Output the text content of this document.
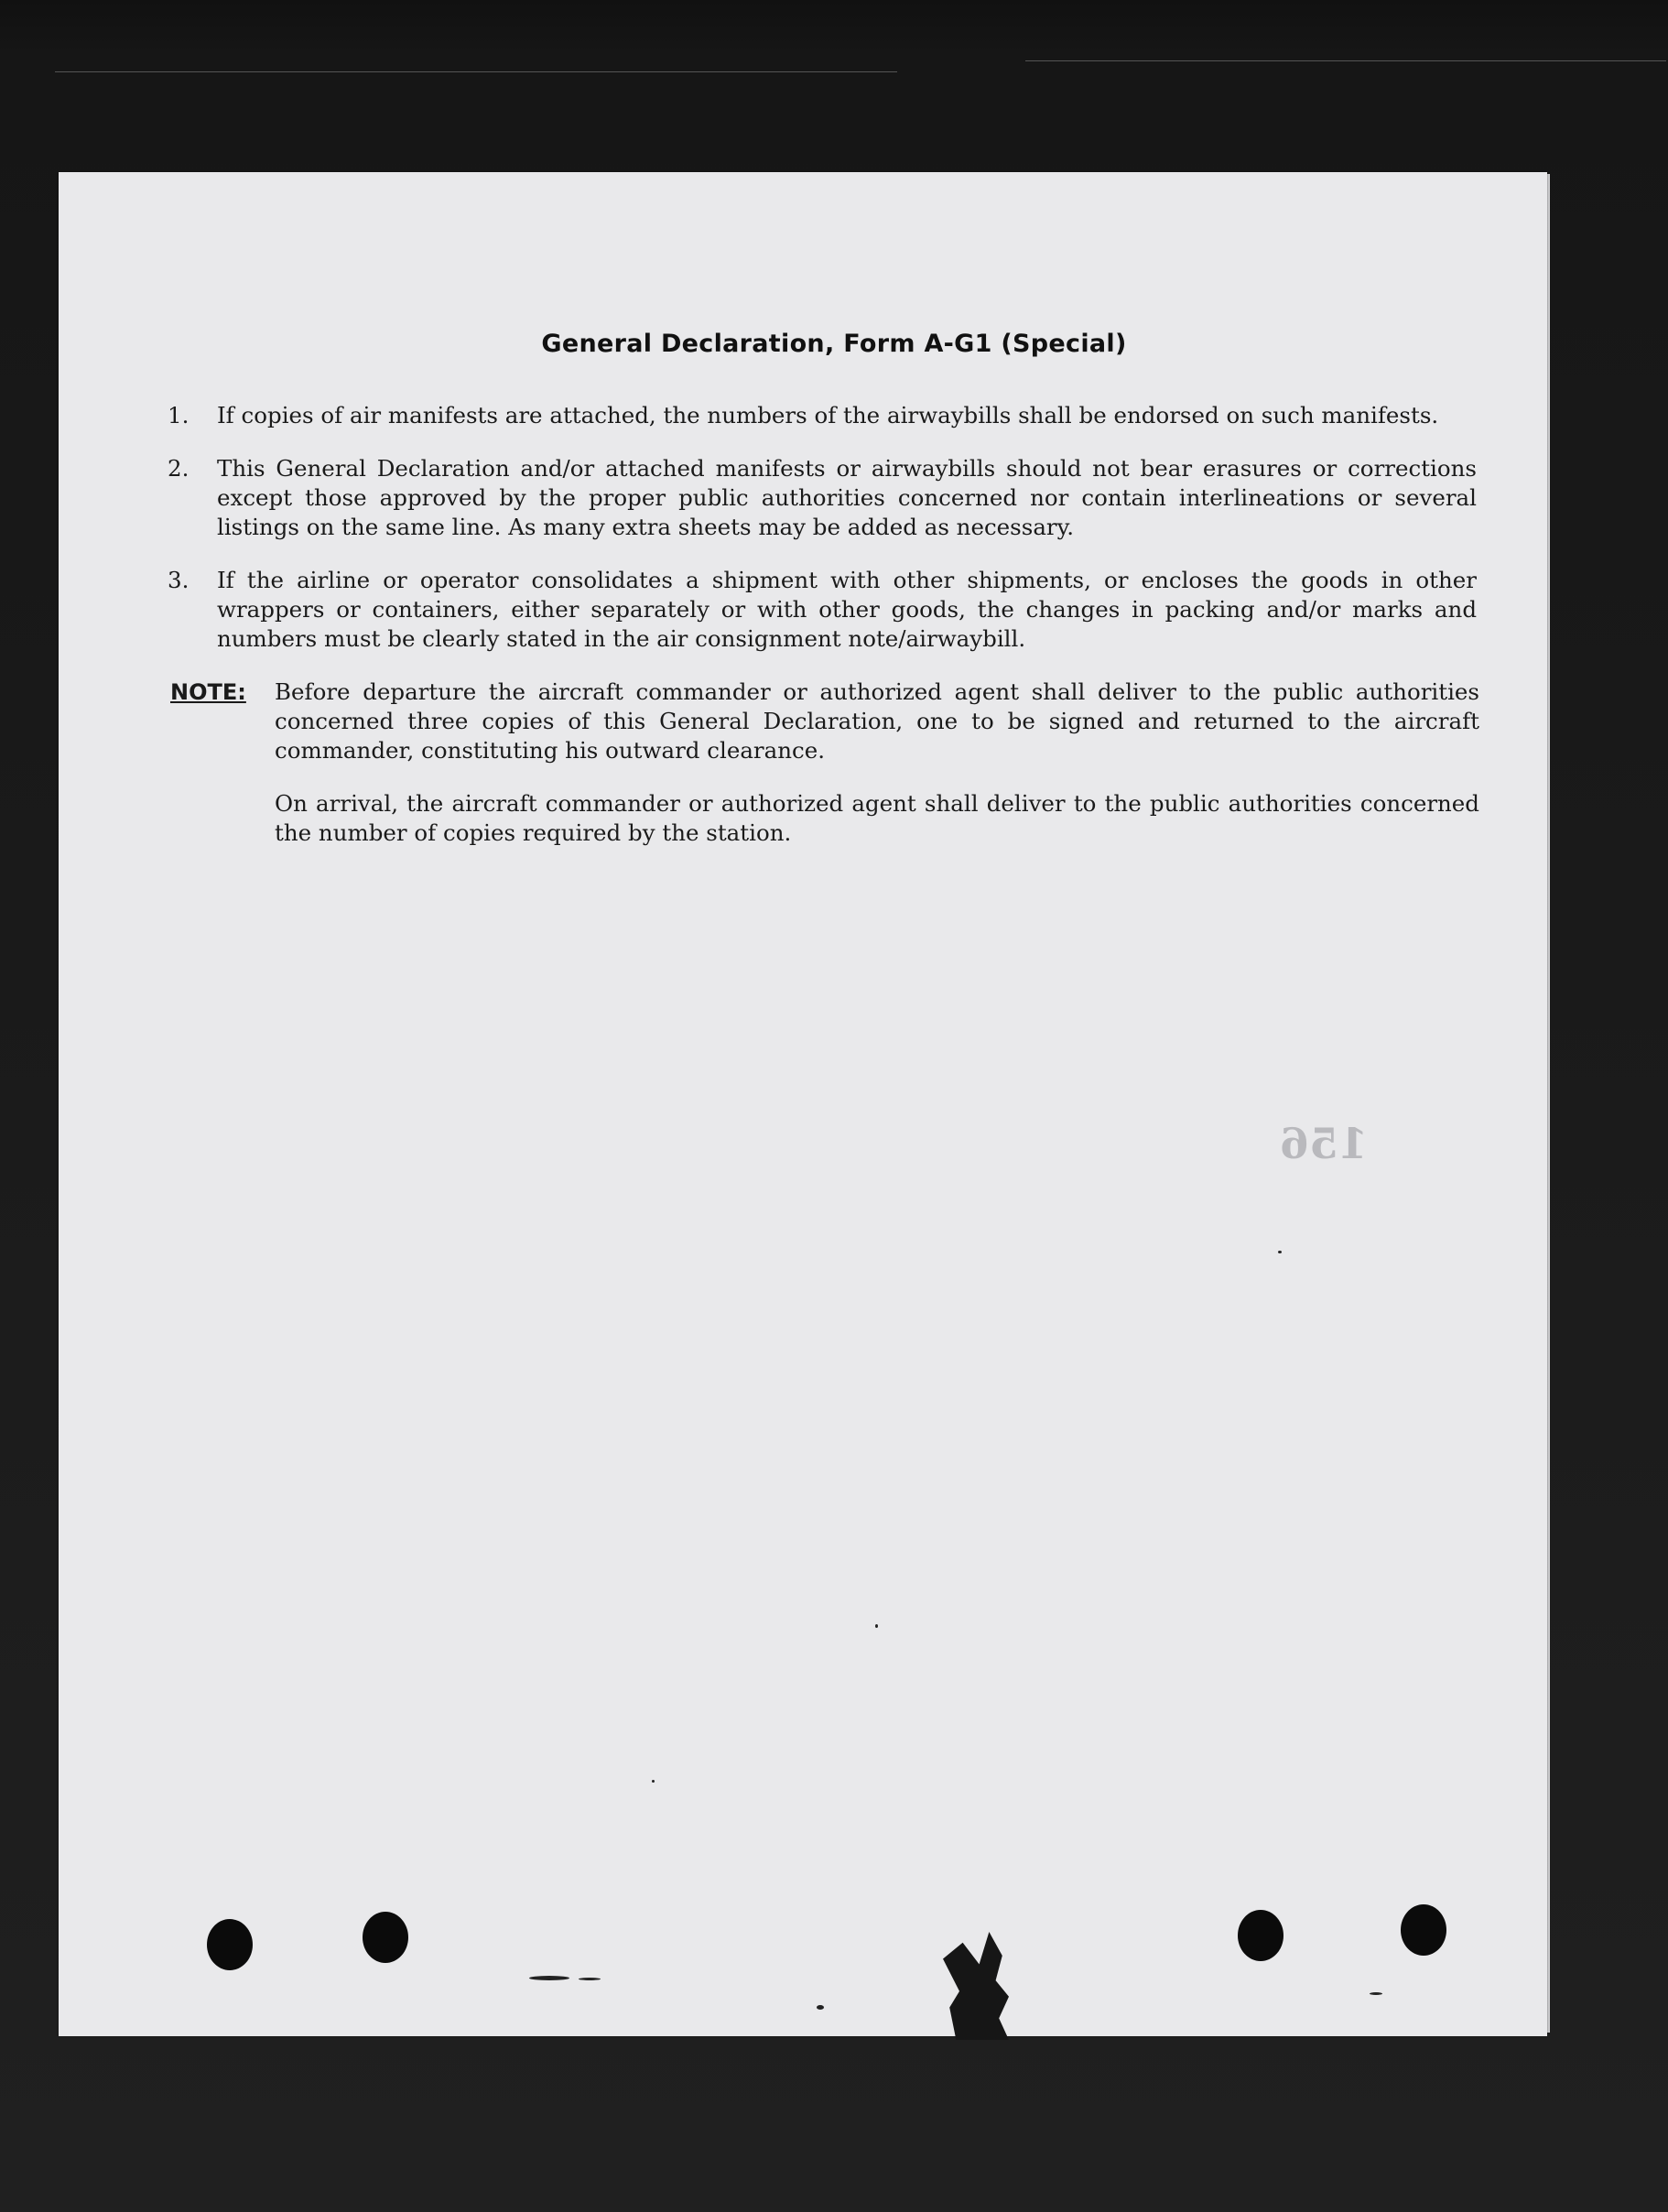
General Declaration, Form A-G1 (Special)
1.	If copies of air manifests are attached, the numbers of the airwaybills shall be endorsed on such manifests.
2.	This General Declaration and/or attached manifests or airwaybills should not bear erasures or corrections except those approved by the proper public authorities concerned nor contain interlineations or several listings on the same line. As many extra sheets may be added as necessary.
3.	If the airline or operator consolidates a shipment with other shipments, or encloses the goods in other wrappers or containers, either separately or with other goods, the changes in packing and/or marks and numbers must be clearly stated in the air consignment note/airwaybill.
NOTE: Before departure the aircraft commander or authorized agent shall deliver to the public authorities concerned three copies of this General Declaration, one to be signed and returned to the aircraft commander, constituting his outward clearance.
On arrival, the aircraft commander or authorized agent shall deliver to the public authorities concerned the number of copies required by the station.
156
